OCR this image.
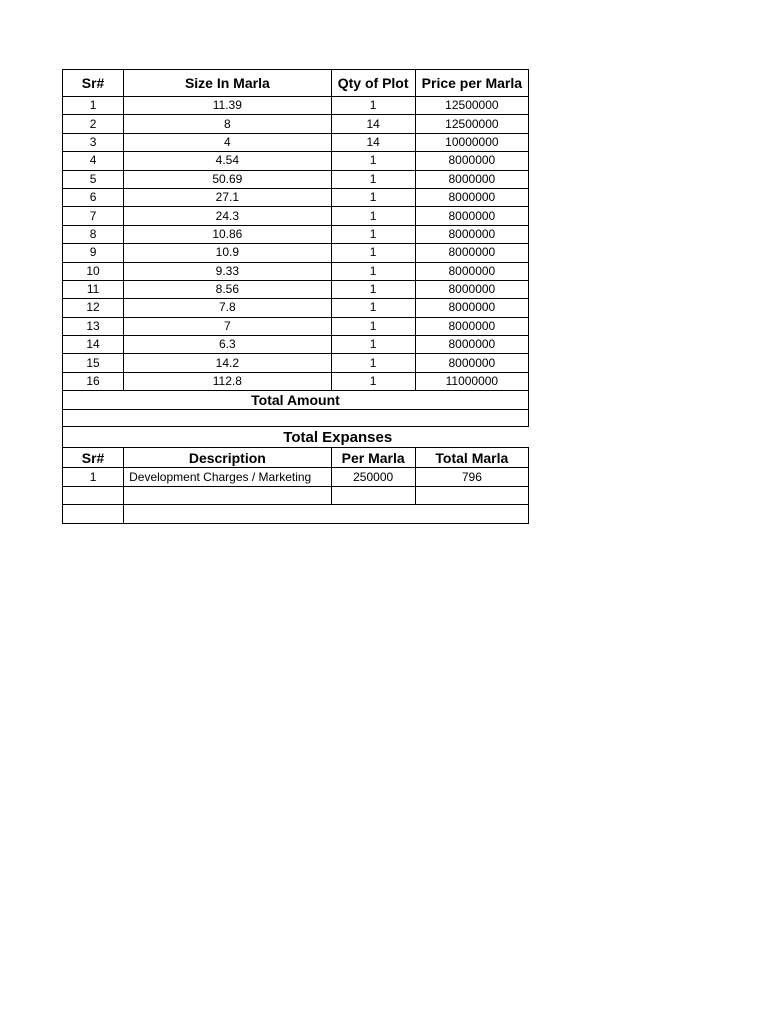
Sr#	Size In Marla	Qty of Plot	Price per Marla
1	11.39	1	12500000
2	8	14	12500000
3	4	14	10000000
4	4.54	1	8000000
5	50.69	1	8000000
6	27.1	1	8000000
7	24.3	1	8000000
8	10.86	1	8000000
9	10.9	1	8000000
10	9.33	1	8000000
11	8.56	1	8000000
12	7.8	1	8000000
13	7	1	8000000
14	6.3	1	8000000
15	14.2	1	8000000
16	112.8	1	11000000
Total Amount			

Total Expanses			
Sr#	Description	Per Marla	Total Marla
1	Development Charges / Marketing	250000	796
